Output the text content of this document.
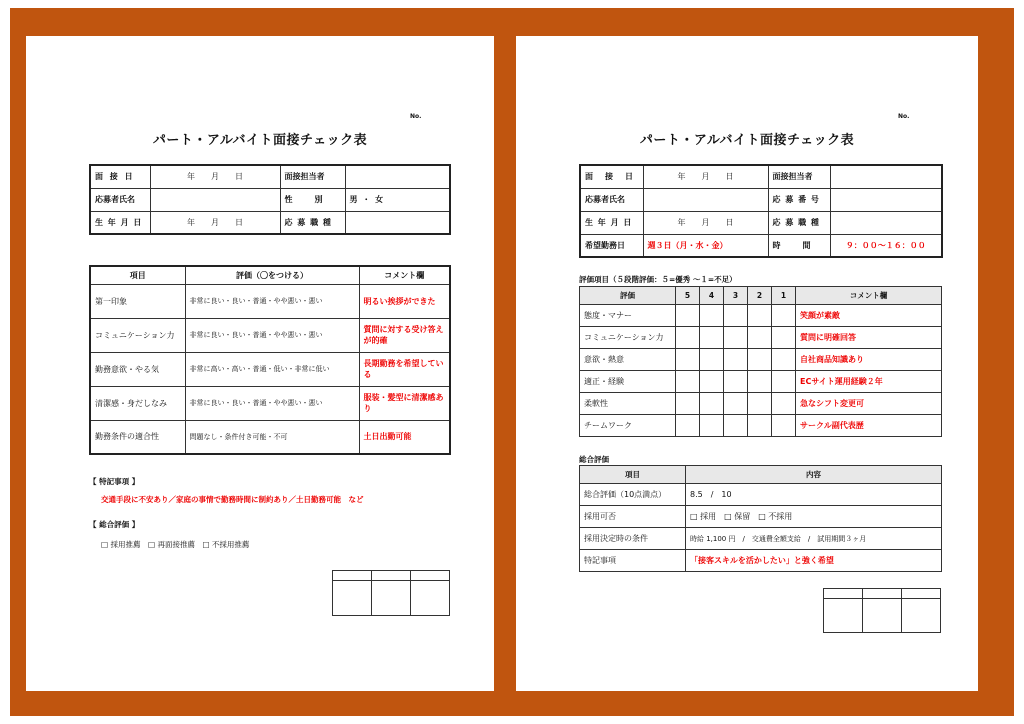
No.
パート・アルバイト面接チェック表
面 接 日	年　　月　　日	面接担当者	
応募者氏名		性　　別	男 ・ 女
生 年 月 日	年　　月　　日	応 募 職 種	
項目	評価（〇をつける）	コメント欄
第一印象	非常に良い・良い・普通・やや悪い・悪い	明るい挨拶ができた
コミュニケーション力	非常に良い・良い・普通・やや悪い・悪い	質問に対する受け答えが的確
勤務意欲・やる気	非常に高い・高い・普通・低い・非常に低い	長期勤務を希望している
清潔感・身だしなみ	非常に良い・良い・普通・やや悪い・悪い	服装・髪型に清潔感あり
勤務条件の適合性	問題なし・条件付き可能・不可	土日出勤可能
【 特記事項 】
交通手段に不安あり／家庭の事情で勤務時間に制約あり／土日勤務可能　など
【 総合評価 】
□ 採用推薦　□ 再面接推薦　□ 不採用推薦

No.
パート・アルバイト面接チェック表
面　接　日	年　　月　　日	面接担当者	
応募者氏名		応 募 番 号	
生 年 月 日	年　　月　　日	応 募 職 種	
希望勤務日	週３日（月・水・金）	時　　間	９：００～１６：００
評価項目（５段階評価：５=優秀 ～１=不足）
評価	5	4	3	2	1	コメント欄
態度・マナー						笑顔が素敵
コミュニケーション力						質問に明確回答
意欲・熱意						自社商品知識あり
適正・経験						ECサイト運用経験２年
柔軟性						急なシフト変更可
チームワーク						サークル副代表歴
総合評価
項目	内容
総合評価（10点満点）	8.5　/　10
採用可否	□ 採用　□ 保留　□ 不採用
採用決定時の条件	時給 1,100 円　/　交通費全額支給　/　試用期間３ヶ月
特記事項	「接客スキルを活かしたい」と強く希望
